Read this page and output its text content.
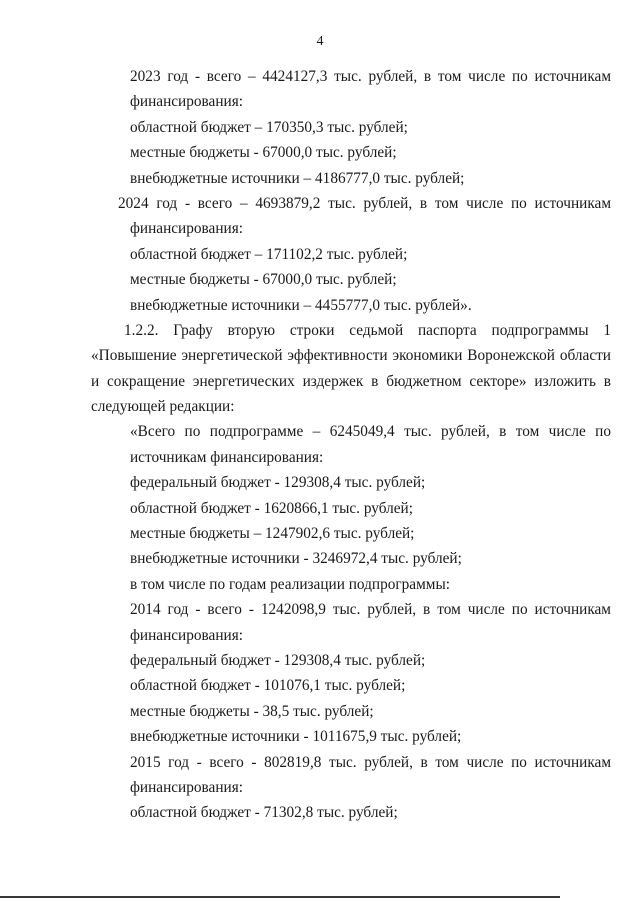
4
2023 год - всего – 4424127,3 тыс. рублей, в том числе по источникам
финансирования:
областной бюджет – 170350,3 тыс. рублей;
местные бюджеты - 67000,0 тыс. рублей;
внебюджетные источники – 4186777,0 тыс. рублей;
2024 год - всего – 4693879,2 тыс. рублей, в том числе по источникам
финансирования:
областной бюджет – 171102,2 тыс. рублей;
местные бюджеты - 67000,0 тыс. рублей;
внебюджетные источники – 4455777,0 тыс. рублей».
1.2.2. Графу вторую строки седьмой паспорта подпрограммы 1
«Повышение энергетической эффективности экономики Воронежской области
и сокращение энергетических издержек в бюджетном секторе» изложить в
следующей редакции:
«Всего по подпрограмме – 6245049,4 тыс. рублей, в том числе по
источникам финансирования:
федеральный бюджет - 129308,4 тыс. рублей;
областной бюджет - 1620866,1 тыс. рублей;
местные бюджеты – 1247902,6 тыс. рублей;
внебюджетные источники - 3246972,4 тыс. рублей;
в том числе по годам реализации подпрограммы:
2014 год - всего - 1242098,9 тыс. рублей, в том числе по источникам
финансирования:
федеральный бюджет - 129308,4 тыс. рублей;
областной бюджет - 101076,1 тыс. рублей;
местные бюджеты - 38,5 тыс. рублей;
внебюджетные источники - 1011675,9 тыс. рублей;
2015 год - всего - 802819,8 тыс. рублей, в том числе по источникам
финансирования:
областной бюджет - 71302,8 тыс. рублей;
